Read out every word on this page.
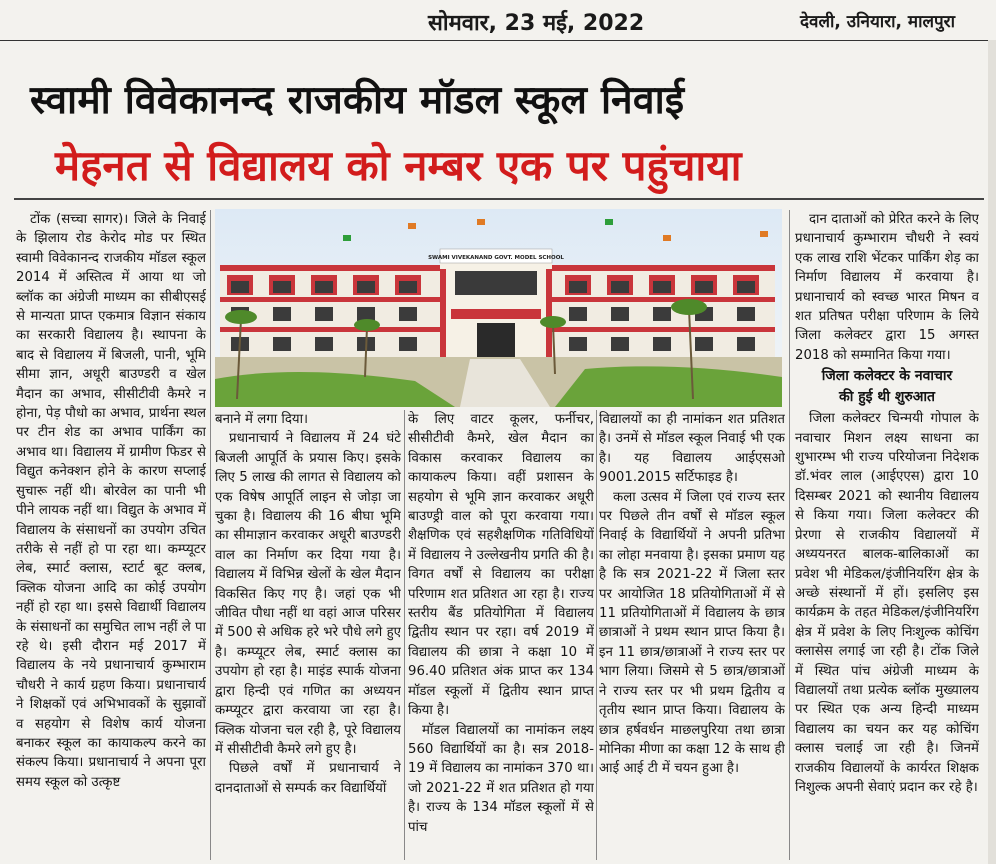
सोमवार, 23 मई, 2022	देवली, उनियारा, मालपुरा
स्वामी विवेकानन्द राजकीय मॉडल स्कूल निवाई
मेहनत से विद्यालय को नम्बर एक पर पहुंचाया

टोंक (सच्चा सागर)। जिले के निवाई के झिलाय रोड केरोद मोड पर स्थित स्वामी विवेकानन्द राजकीय मॉडल स्कूल 2014 में अस्तित्व में आया था जो ब्लॉक का अंग्रेजी माध्यम का सीबीएसई से मान्यता प्राप्त एकमात्र विज्ञान संकाय का सरकारी विद्यालय है। स्थापना के बाद से विद्यालय में बिजली, पानी, भूमि सीमा ज्ञान, अधूरी बाउण्डरी व खेल मैदान का अभाव, सीसीटीवी कैमरे न होना, पेड़ पौधो का अभाव, प्रार्थना स्थल पर टीन शेड का अभाव पार्किंग का अभाव था। विद्यालय में ग्रामीण फिडर से विद्युत कनेक्शन होने के कारण सप्लाई सुचारू नहीं थी। बोरवेल का पानी भी पीने लायक नहीं था। विद्युत के अभाव में विद्यालय के संसाधनों का उपयोग उचित तरीके से नहीं हो पा रहा था। कम्प्यूटर लेब, स्मार्ट क्लास, स्टार्ट बूट क्लब, क्लिक योजना आदि का कोई उपयोग नहीं हो रहा था। इससे विद्यार्थी विद्यालय के संसाधनों का समुचित लाभ नहीं ले पा रहे थे। इसी दौरान मई 2017 में विद्यालय के नये प्रधानाचार्य कुम्भाराम चौधरी ने कार्य ग्रहण किया। प्रधानाचार्य ने शिक्षकों एवं अभिभावकों के सुझावों व सहयोग से विशेष कार्य योजना बनाकर स्कूल का कायाकल्प करने का संकल्प किया। प्रधानाचार्य ने अपना पूरा समय स्कूल को उत्कृष्ट

SWAMI VIVEKANAND GOVT. MODEL SCHOOL

बनाने में लगा दिया।

प्रधानाचार्य ने विद्यालय में 24 घंटे बिजली आपूर्ति के प्रयास किए। इसके लिए 5 लाख की लागत से विद्यालय को एक विषेष आपूर्ति लाइन से जोड़ा जा चुका है। विद्यालय की 16 बीघा भूमि का सीमाज्ञान करवाकर अधूरी बाउण्डरी वाल का निर्माण कर दिया गया है। विद्यालय में विभिन्न खेलों के खेल मैदान विकसित किए गए है। जहां एक भी जीवित पौधा नहीं था वहां आज परिसर में 500 से अधिक हरे भरे पौधे लगे हुए है। कम्प्यूटर लेब, स्मार्ट क्लास का उपयोग हो रहा है। माइंड स्पार्क योजना द्वारा हिन्दी एवं गणित का अध्ययन कम्प्यूटर द्वारा करवाया जा रहा है। क्लिक योजना चल रही है, पूरे विद्यालय में सीसीटीवी कैमरे लगे हुए है।

पिछले वर्षों में प्रधानाचार्य ने दानदाताओं से सम्पर्क कर विद्यार्थियों

के लिए वाटर कूलर, फर्नीचर, सीसीटीवी कैमरे, खेल मैदान का विकास करवाकर विद्यालय का कायाकल्प किया। वहीं प्रशासन के सहयोग से भूमि ज्ञान करवाकर अधूरी बाउण्ड्री वाल को पूरा करवाया गया। शैक्षणिक एवं सहशैक्षणिक गतिविधियों में विद्यालय ने उल्लेखनीय प्रगति की है। विगत वर्षों से विद्यालय का परीक्षा परिणाम शत प्रतिशत आ रहा है। राज्य स्तरीय बैंड प्रतियोगिता में विद्यालय द्वितीय स्थान पर रहा। वर्ष 2019 में विद्यालय की छात्रा ने कक्षा 10 में 96.40 प्रतिशत अंक प्राप्त कर 134 मॉडल स्कूलों में द्वितीय स्थान प्राप्त किया है।

मॉडल विद्यालयों का नामांकन लक्ष्य 560 विद्यार्थियों का है। सत्र 2018-19 में विद्यालय का नामांकन 370 था। जो 2021-22 में शत प्रतिशत हो गया है। राज्य के 134 मॉडल स्कूलों में से पांच

विद्यालयों का ही नामांकन शत प्रतिशत है। उनमें से मॉडल स्कूल निवाई भी एक है। यह विद्यालय आईएसओ 9001.2015 सर्टिफाइड है।

कला उत्सव में जिला एवं राज्य स्तर पर पिछले तीन वर्षों से मॉडल स्कूल निवाई के विद्यार्थियों ने अपनी प्रतिभा का लोहा मनवाया है। इसका प्रमाण यह है कि सत्र 2021-22 में जिला स्तर पर आयोजित 18 प्रतियोगिताओं में से 11 प्रतियोगिताओं में विद्यालय के छात्र छात्राओं ने प्रथम स्थान प्राप्त किया है। इन 11 छात्र/छात्राओं ने राज्य स्तर पर भाग लिया। जिसमे से 5 छात्र/छात्राओं ने राज्य स्तर पर भी प्रथम द्वितीय व तृतीय स्थान प्राप्त किया। विद्यालय के छात्र हर्षवर्धन माछलपुरिया तथा छात्रा मोनिका मीणा का कक्षा 12 के साथ ही आई आई टी में चयन हुआ है।

दान दाताओं को प्रेरित करने के लिए प्रधानाचार्य कुम्भाराम चौधरी ने स्वयं एक लाख राशि भेंटकर पार्किंग शेड़ का निर्माण विद्यालय में करवाया है। प्रधानाचार्य को स्वच्छ भारत मिषन व शत प्रतिषत परीक्षा परिणाम के लिये जिला कलेक्टर द्वारा 15 अगस्त 2018 को सम्मानित किया गया।

जिला कलेक्टर के नवाचार
की हुई थी शुरुआत

जिला कलेक्टर चिन्मयी गोपाल के नवाचार मिशन लक्ष्य साधना का शुभारम्भ भी राज्य परियोजना निदेशक डॉ.भंवर लाल (आईएएस) द्वारा 10 दिसम्बर 2021 को स्थानीय विद्यालय से किया गया। जिला कलेक्टर की प्रेरणा से राजकीय विद्यालयों में अध्ययनरत बालक-बालिकाओं का प्रवेश भी मेडिकल/इंजीनियरिंग क्षेत्र के अच्छे संस्थानों में हों। इसलिए इस कार्यक्रम के तहत मेडिकल/इंजीनियरिंग क्षेत्र में प्रवेश के लिए निःशुल्क कोचिंग क्लासेस लगाई जा रही है। टोंक जिले में स्थित पांच अंग्रेजी माध्यम के विद्यालयों तथा प्रत्येक ब्लॉक मुख्यालय पर स्थित एक अन्य हिन्दी माध्यम विद्यालय का चयन कर यह कोचिंग क्लास चलाई जा रही है। जिनमें राजकीय विद्यालयों के कार्यरत शिक्षक निशुल्क अपनी सेवाएं प्रदान कर रहे है।
